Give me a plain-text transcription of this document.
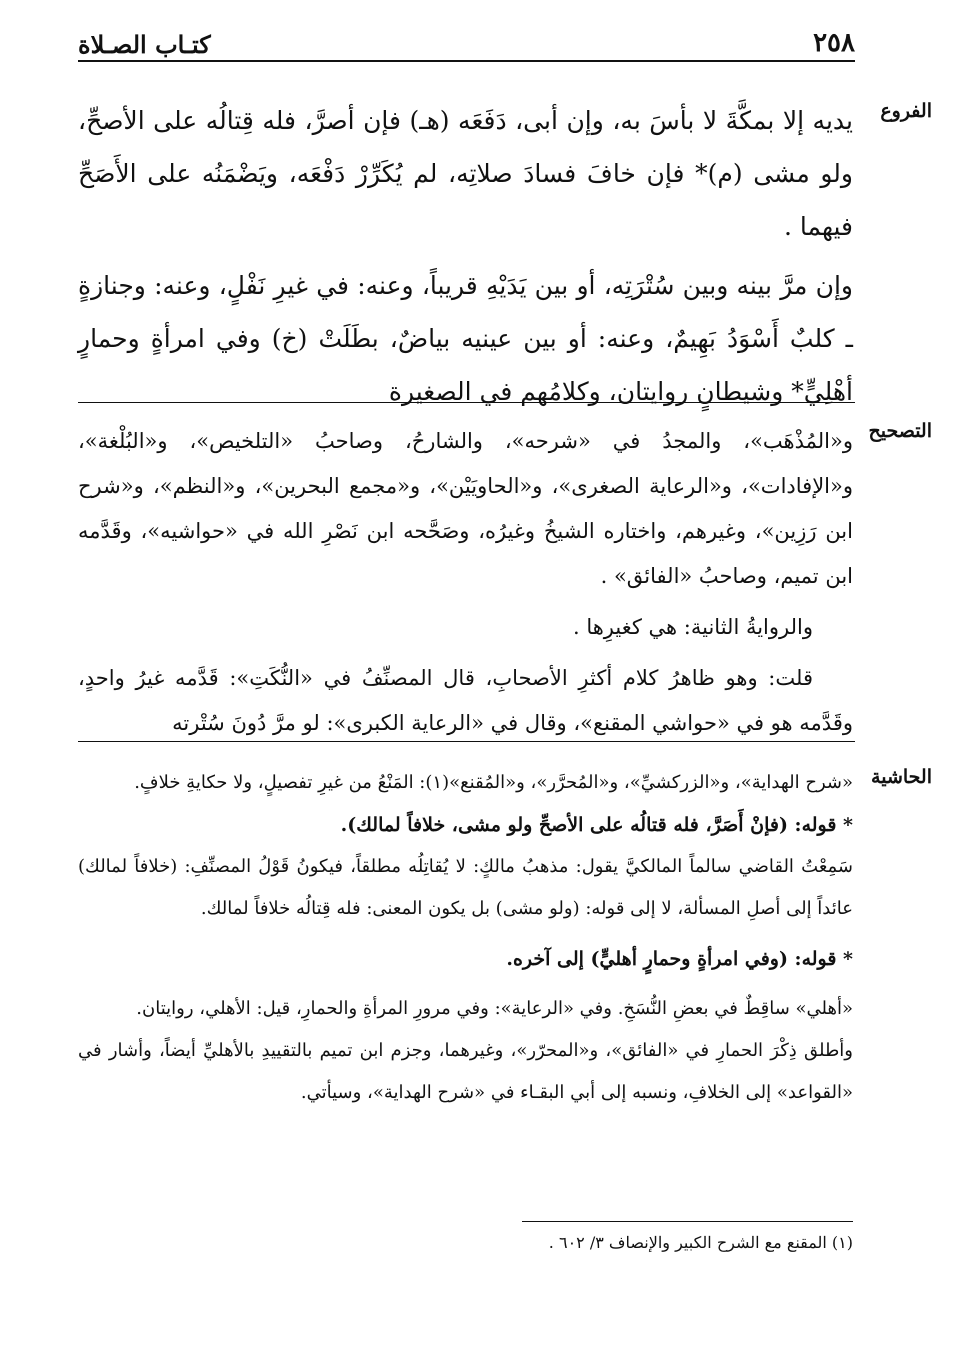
كتـاب الصـلاة	٢٥٨
الفروع

يديه إلا بمكَّةَ لا بأسَ به، وإن أبى، دَفَعَه (هـ) فإن أصرَّ، فله قِتالُه على الأصحِّ، ولو مشى (م)* فإن خافَ فسادَ صلاتِه، لم يُكَرِّرْ دَفْعَه، ويَضْمَنُه على الأَصَحِّ فيهما .

وإن مرَّ بينه وبين سُتْرَتِه، أو بين يَدَيْهِ قريباً، وعنه: في غيرِ نَفْلٍ، وعنه: وجنازةٍ ـ كلبٌ أَسْوَدُ بَهِيمٌ، وعنه: أو بين عينيه بياضٌ، بطَلَتْ (خ) وفي امرأةٍ وحمارٍ أهْلِيٍّ* وشيطانٍ روايتان، وكلامُهم في الصغيرة

التصحيح

و«المُذْهَب»، والمجدُ في «شرحه»، والشارحُ، وصاحبُ «التلخيص»، و«البُلْغة»، و«الإفادات»، و«الرعاية الصغرى»، و«الحاويَيْن»، و«مجمع البحرين»، و«النظم»، و«شرح ابن رَزِين»، وغيرهم، واختاره الشيخُ وغيرُه، وصَحَّحه ابن نَصْرِ الله في «حواشيه»، وقَدَّمه ابن تميم، وصاحبُ «الفائق» .

والروايةُ الثانية: هي كغيرِها .

قلت: وهو ظاهرُ كلام أكثرِ الأصحابِ، قال المصنِّفُ في «النُّكَتِ»: قَدَّمه غيرُ واحدٍ، وقَدَّمه هو في «حواشي المقنع»، وقال في «الرعاية الكبرى»: لو مرَّ دُونَ سُتْرته

الحاشية

«شرح الهداية»، و«الزركشيِّ»، و«المُحرَّر»، و«المُقنع»(١): المَنْعُ من غيرِ تفصيلٍ، ولا حكايةِ خلافٍ.

* قوله: (فإنْ أَصَرَّ، فله قتالُه على الأصحِّ ولو مشى، خلافاً لمالك).

سَمِعْتُ القاضي سالماً المالكيَّ يقول: مذهبُ مالكٍ: لا يُقاتِلُه مطلقاً، فيكونُ قَوْلُ المصنِّفِ: (خلافاً لمالك) عائداً إلى أصلِ المسألة، لا إلى قوله: (ولو مشى) بل يكون المعنى: فله قِتالُه خلافاً لمالك.

* قوله: (وفي امرأةٍ وحمارٍ أهليٍّ) إلى آخره.

«أهلي» ساقِطٌ في بعضِ النُّسَخِ. وفي «الرعاية»: وفي مرورِ المرأةِ والحمارِ، قيل: الأهلي، روايتان.

وأطلق ذِكْرَ الحمارِ في «الفائق»، و«المحرّر»، وغيرهما، وجزم ابن تميم بالتقييدِ بالأهليِّ أيضاً، وأشار في «القواعد» إلى الخلافِ، ونسبه إلى أبي البقـاء في «شرح الهداية»، وسيأتي.

(١) المقنع مع الشرح الكبير والإنصاف ٣/ ٦٠٢ .
